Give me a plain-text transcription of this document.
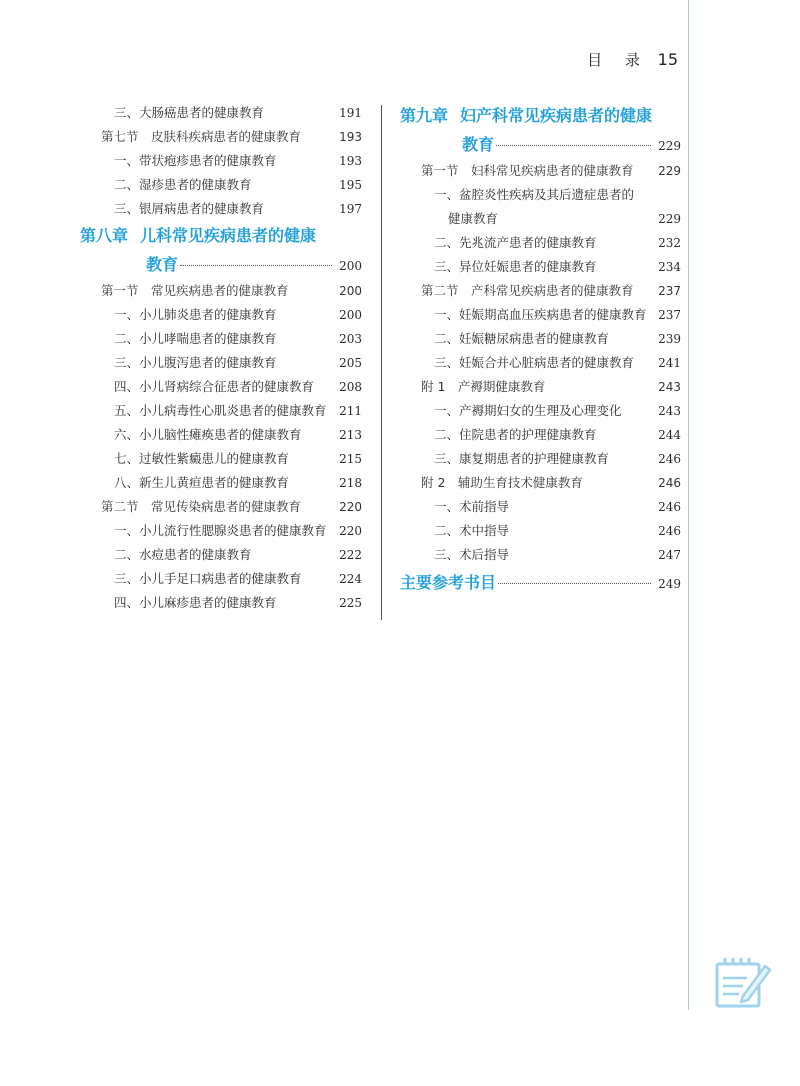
目 录 15
三、大肠癌患者的健康教育	191
第七节　皮肤科疾病患者的健康教育	193
一、带状疱疹患者的健康教育	193
二、湿疹患者的健康教育	195
三、银屑病患者的健康教育	197
第八章 儿科常见疾病患者的健康
教育	200
第一节　常见疾病患者的健康教育	200
一、小儿肺炎患者的健康教育	200
二、小儿哮喘患者的健康教育	203
三、小儿腹泻患者的健康教育	205
四、小儿肾病综合征患者的健康教育	208
五、小儿病毒性心肌炎患者的健康教育	211
六、小儿脑性瘫痪患者的健康教育	213
七、过敏性紫癜患儿的健康教育	215
八、新生儿黄疸患者的健康教育	218
第二节　常见传染病患者的健康教育	220
一、小儿流行性腮腺炎患者的健康教育	220
二、水痘患者的健康教育	222
三、小儿手足口病患者的健康教育	224
四、小儿麻疹患者的健康教育	225
第九章 妇产科常见疾病患者的健康
教育	229
第一节　妇科常见疾病患者的健康教育	229
一、盆腔炎性疾病及其后遗症患者的
健康教育	229
二、先兆流产患者的健康教育	232
三、异位妊娠患者的健康教育	234
第二节　产科常见疾病患者的健康教育	237
一、妊娠期高血压疾病患者的健康教育 237
二、妊娠糖尿病患者的健康教育	239
三、妊娠合并心脏病患者的健康教育	241
附 1　产褥期健康教育	243
一、产褥期妇女的生理及心理变化	243
二、住院患者的护理健康教育	244
三、康复期患者的护理健康教育	246
附 2　辅助生育技术健康教育	246
一、术前指导	246
二、术中指导	246
三、术后指导	247
主要参考书目	249
